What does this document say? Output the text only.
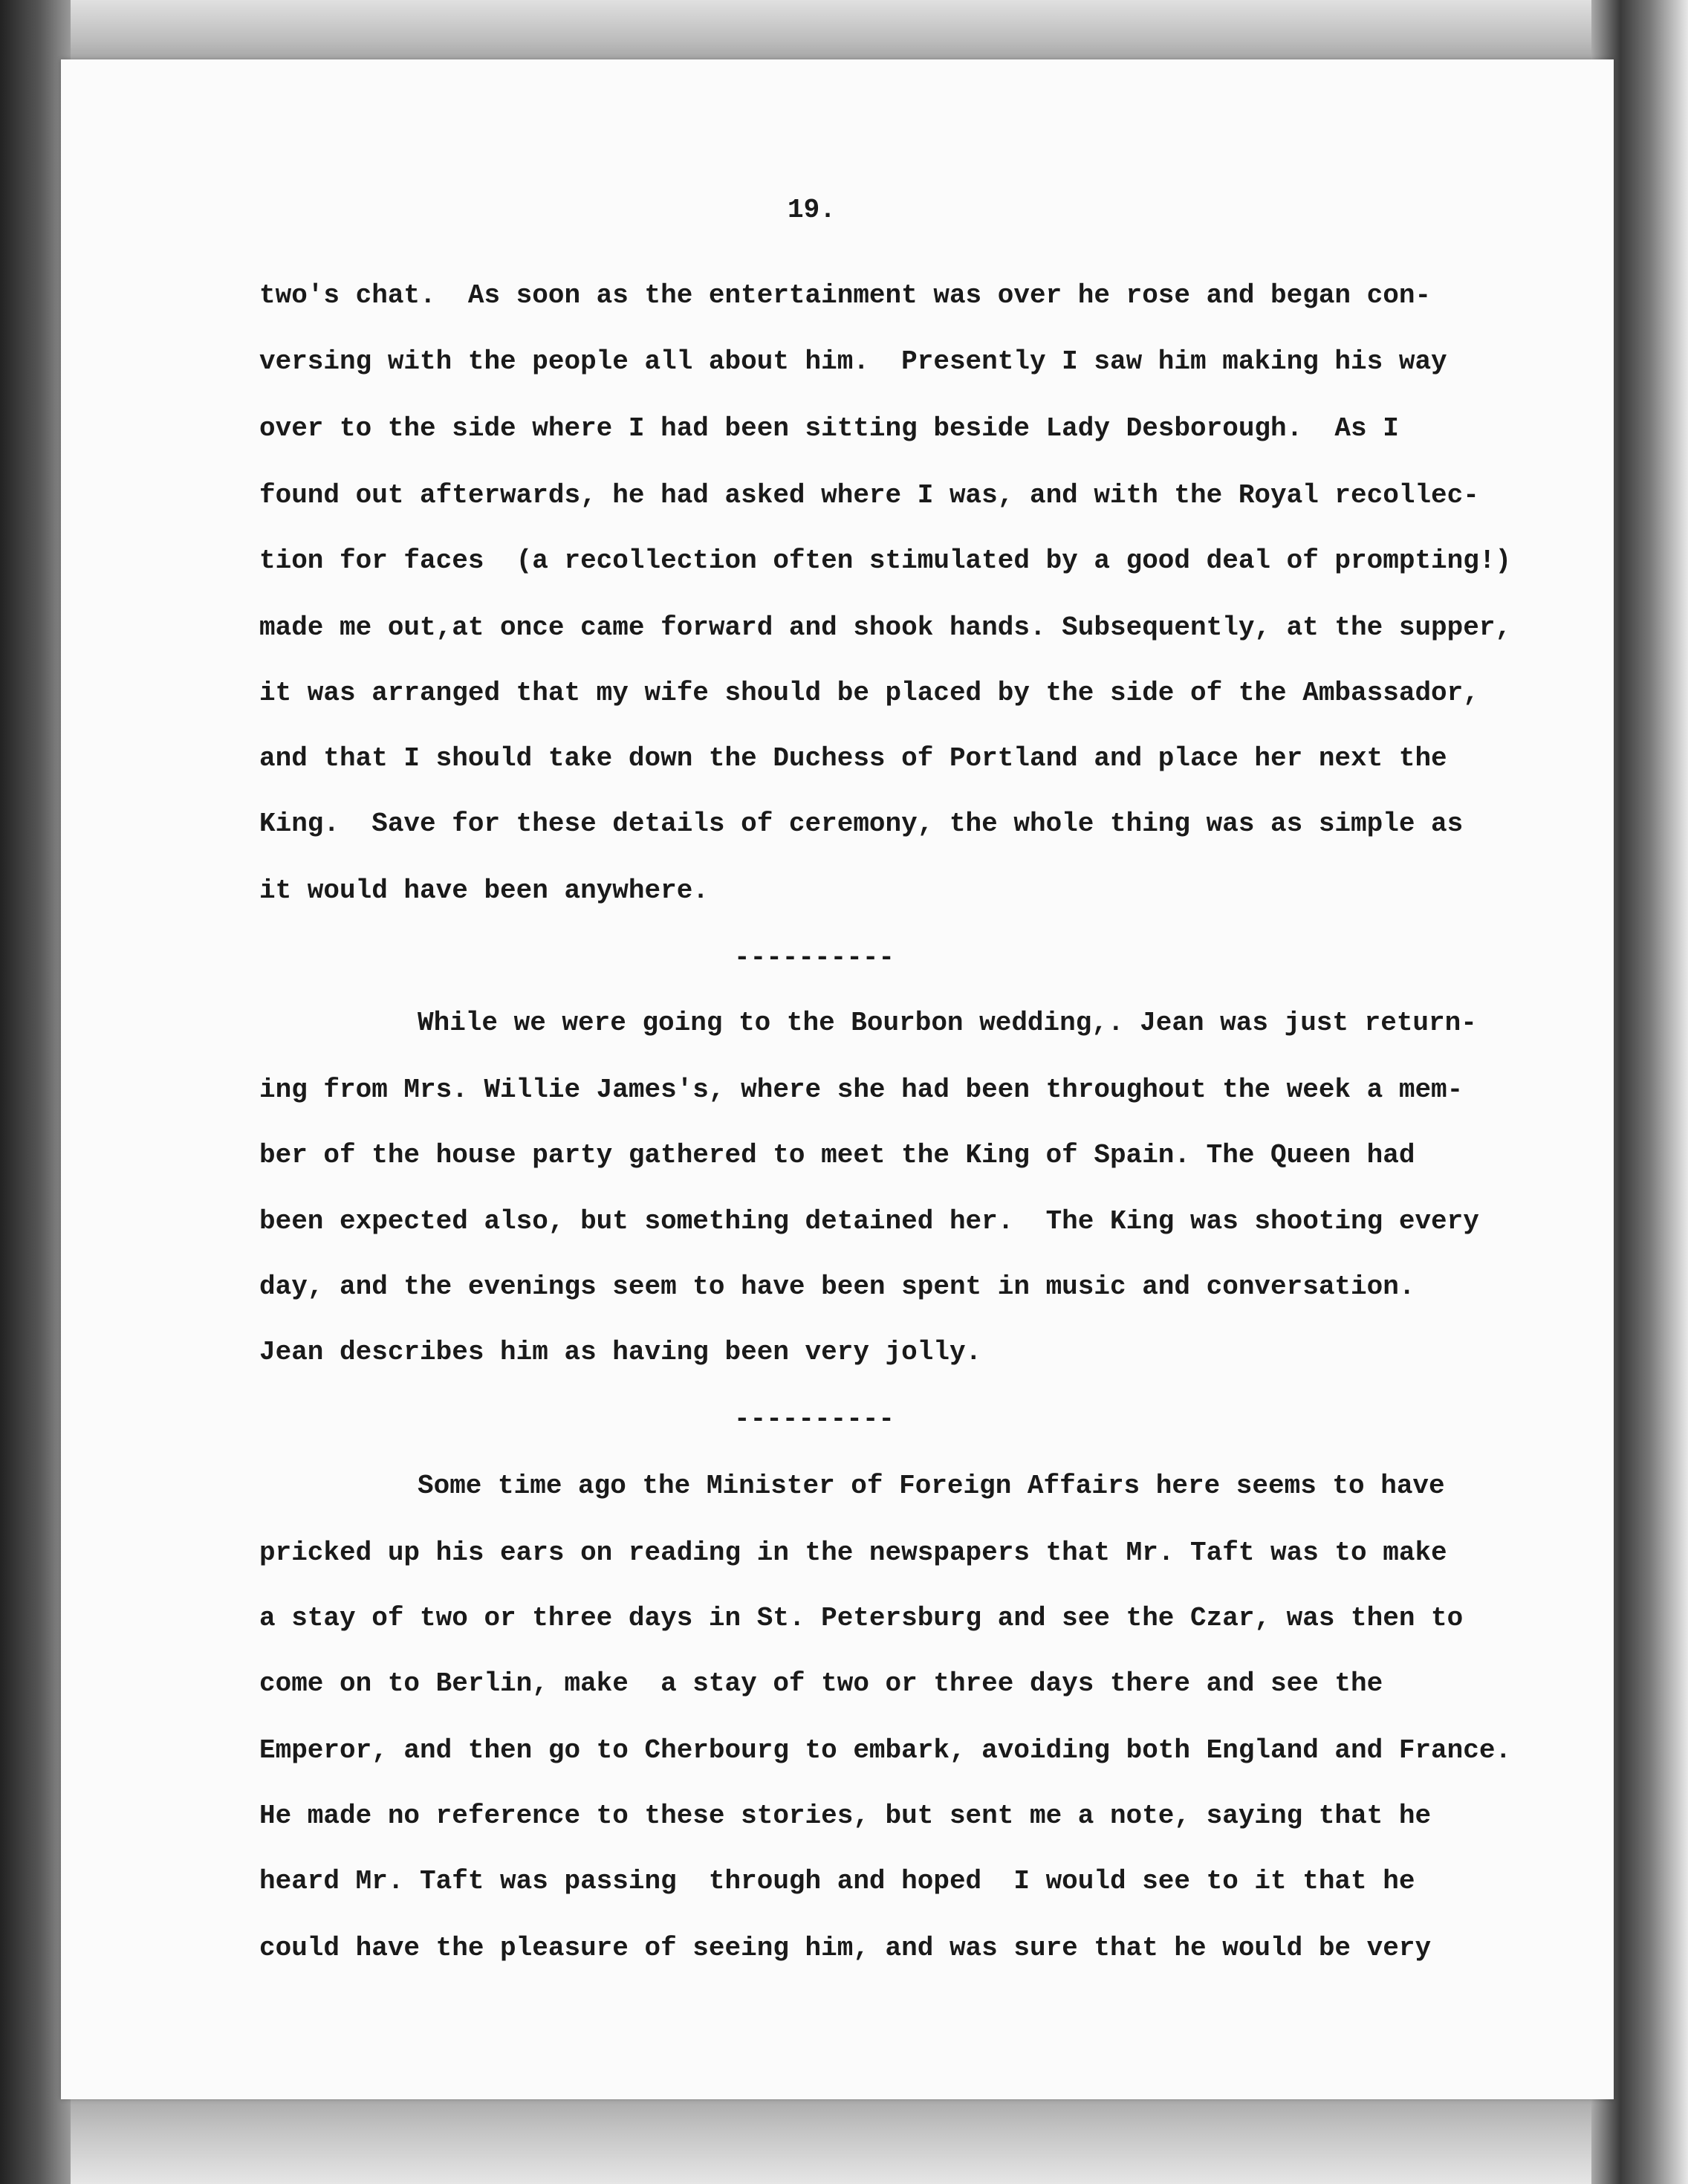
19.
two's chat.  As soon as the entertainment was over he rose and began con-
versing with the people all about him.  Presently I saw him making his way
over to the side where I had been sitting beside Lady Desborough.  As I
found out afterwards, he had asked where I was, and with the Royal recollec-
tion for faces  (a recollection often stimulated by a good deal of prompting!)
made me out,at once came forward and shook hands. Subsequently, at the supper,
it was arranged that my wife should be placed by the side of the Ambassador,
and that I should take down the Duchess of Portland and place her next the
King.  Save for these details of ceremony, the whole thing was as simple as
it would have been anywhere.
----------
While we were going to the Bourbon wedding,. Jean was just return-
ing from Mrs. Willie James's, where she had been throughout the week a mem-
ber of the house party gathered to meet the King of Spain. The Queen had
been expected also, but something detained her.  The King was shooting every
day, and the evenings seem to have been spent in music and conversation.
Jean describes him as having been very jolly.
----------
Some time ago the Minister of Foreign Affairs here seems to have
pricked up his ears on reading in the newspapers that Mr. Taft was to make
a stay of two or three days in St. Petersburg and see the Czar, was then to
come on to Berlin, make  a stay of two or three days there and see the
Emperor, and then go to Cherbourg to embark, avoiding both England and France.
He made no reference to these stories, but sent me a note, saying that he
heard Mr. Taft was passing  through and hoped  I would see to it that he
could have the pleasure of seeing him, and was sure that he would be very
